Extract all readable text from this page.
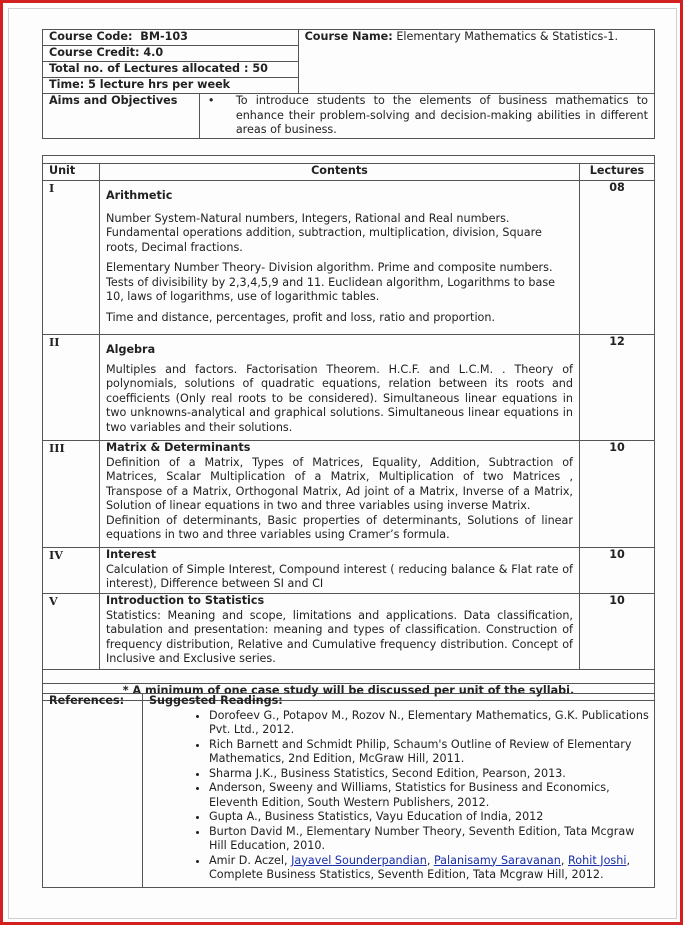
Course Code: BM-103		Course Name: Elementary Mathematics & Statistics-1.
Course Credit: 4.0		
Total no. of Lectures allocated : 50		
Time: 5 lecture hrs per week		
Aims and Objectives	• To introduce students to the elements of business mathematics to enhance their problem-solving and decision-making abilities in different areas of business.	

Unit	Contents	Lectures
I	Arithmetic

Number System-Natural numbers, Integers, Rational and Real numbers. Fundamental operations addition, subtraction, multiplication, division, Square roots, Decimal fractions.

Elementary Number Theory- Division algorithm. Prime and composite numbers. Tests of divisibility by 2,3,4,5,9 and 11. Euclidean algorithm, Logarithms to base 10, laws of logarithms, use of logarithmic tables.

Time and distance, percentages, profit and loss, ratio and proportion.	08
II	Algebra

Multiples and factors. Factorisation Theorem. H.C.F. and L.C.M. . Theory of polynomials, solutions of quadratic equations, relation between its roots and coefficients (Only real roots to be considered). Simultaneous linear equations in two unknowns-analytical and graphical solutions. Simultaneous linear equations in two variables and their solutions.	12
III	Matrix & Determinants

Definition of a Matrix, Types of Matrices, Equality, Addition, Subtraction of Matrices, Scalar Multiplication of a Matrix, Multiplication of two Matrices , Transpose of a Matrix, Orthogonal Matrix, Ad joint of a Matrix, Inverse of a Matrix, Solution of linear equations in two and three variables using inverse Matrix.

Definition of determinants, Basic properties of determinants, Solutions of linear equations in two and three variables using Cramer’s formula.	10
IV	Interest

Calculation of Simple Interest, Compound interest ( reducing balance & Flat rate of interest), Difference between SI and CI	10
V	Introduction to Statistics

Statistics: Meaning and scope, limitations and applications. Data classification, tabulation and presentation: meaning and types of classification. Construction of frequency distribution, Relative and Cumulative frequency distribution. Concept of Inclusive and Exclusive series.	10

* A minimum of one case study will be discussed per unit of the syllabi.		
References:	Suggested Readings:

• Dorofeev G., Potapov M., Rozov N., Elementary Mathematics, G.K. Publications Pvt. Ltd., 2012.
• Rich Barnett and Schmidt Philip, Schaum's Outline of Review of Elementary Mathematics, 2nd Edition, McGraw Hill, 2011.
• Sharma J.K., Business Statistics, Second Edition, Pearson, 2013.
• Anderson, Sweeny and Williams, Statistics for Business and Economics, Eleventh Edition, South Western Publishers, 2012.
• Gupta A., Business Statistics, Vayu Education of India, 2012
• Burton David M., Elementary Number Theory, Seventh Edition, Tata Mcgraw Hill Education, 2010.
• Amir D. Aczel, Jayavel Sounderpandian, Palanisamy Saravanan, Rohit Joshi, Complete Business Statistics, Seventh Edition, Tata Mcgraw Hill, 2012.
